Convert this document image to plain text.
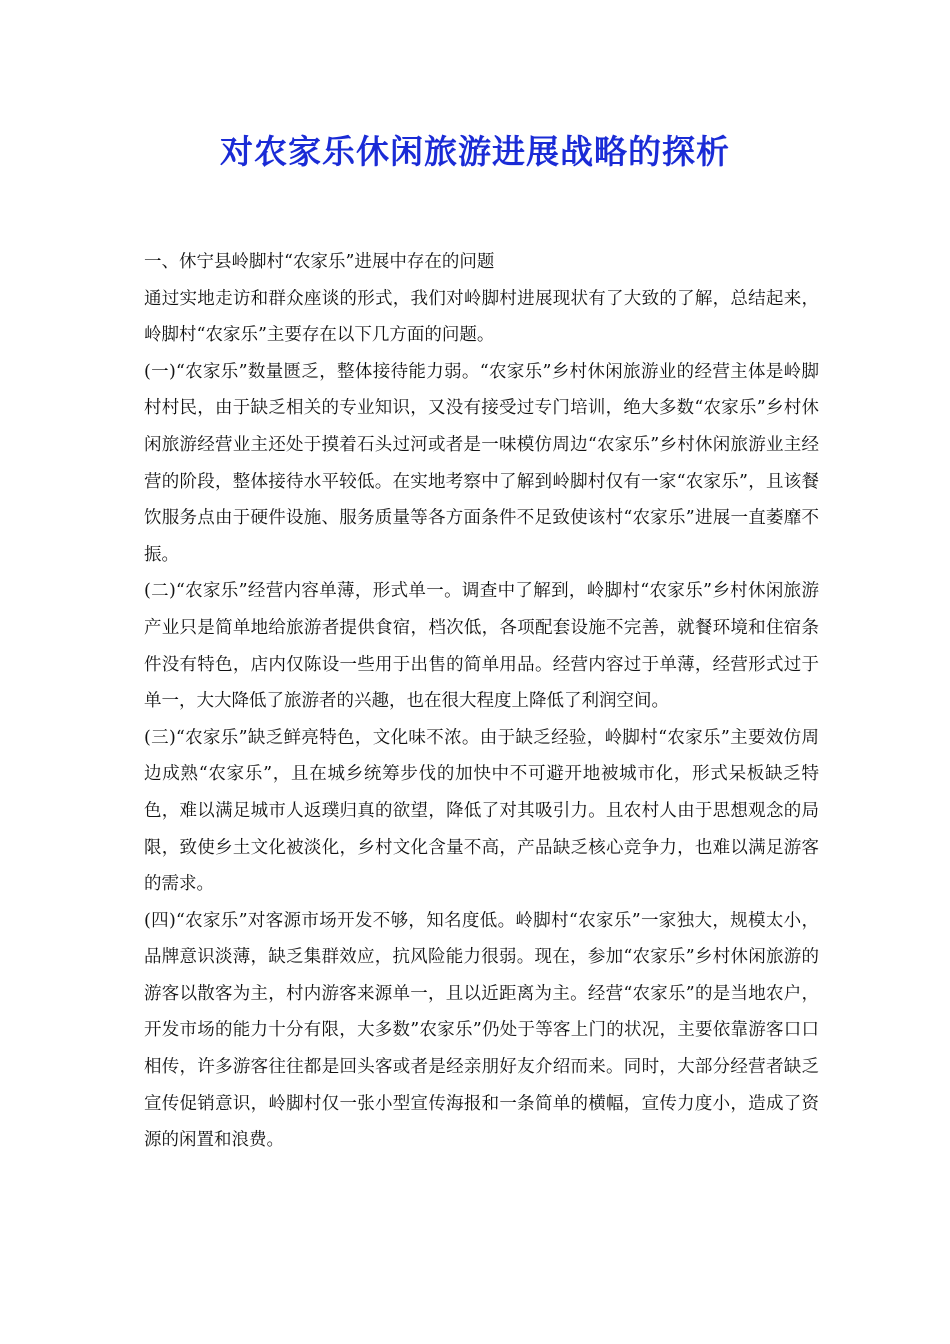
对农家乐休闲旅游进展战略的探析

一、休宁县岭脚村“农家乐”进展中存在的问题

通过实地走访和群众座谈的形式，我们对岭脚村进展现状有了大致的了解，总结起来，岭脚村“农家乐”主要存在以下几方面的问题。

(一)“农家乐”数量匮乏，整体接待能力弱。“农家乐”乡村休闲旅游业的经营主体是岭脚村村民，由于缺乏相关的专业知识，又没有接受过专门培训，绝大多数“农家乐”乡村休闲旅游经营业主还处于摸着石头过河或者是一味模仿周边“农家乐”乡村休闲旅游业主经营的阶段，整体接待水平较低。在实地考察中了解到岭脚村仅有一家“农家乐”，且该餐饮服务点由于硬件设施、服务质量等各方面条件不足致使该村“农家乐”进展一直萎靡不振。

(二)“农家乐”经营内容单薄，形式单一。调查中了解到，岭脚村“农家乐”乡村休闲旅游产业只是简单地给旅游者提供食宿，档次低，各项配套设施不完善，就餐环境和住宿条件没有特色，店内仅陈设一些用于出售的简单用品。经营内容过于单薄，经营形式过于单一，大大降低了旅游者的兴趣，也在很大程度上降低了利润空间。

(三)“农家乐”缺乏鲜亮特色，文化味不浓。由于缺乏经验，岭脚村“农家乐”主要效仿周边成熟“农家乐”，且在城乡统筹步伐的加快中不可避开地被城市化，形式呆板缺乏特色，难以满足城市人返璞归真的欲望，降低了对其吸引力。且农村人由于思想观念的局限，致使乡土文化被淡化，乡村文化含量不高，产品缺乏核心竞争力，也难以满足游客的需求。

(四)“农家乐”对客源市场开发不够，知名度低。岭脚村“农家乐”一家独大，规模太小，品牌意识淡薄，缺乏集群效应，抗风险能力很弱。现在，参加“农家乐”乡村休闲旅游的游客以散客为主，村内游客来源单一，且以近距离为主。经营“农家乐”的是当地农户，开发市场的能力十分有限，大多数”农家乐”仍处于等客上门的状况，主要依靠游客口口相传，许多游客往往都是回头客或者是经亲朋好友介绍而来。同时，大部分经营者缺乏宣传促销意识，岭脚村仅一张小型宣传海报和一条简单的横幅，宣传力度小，造成了资源的闲置和浪费。
